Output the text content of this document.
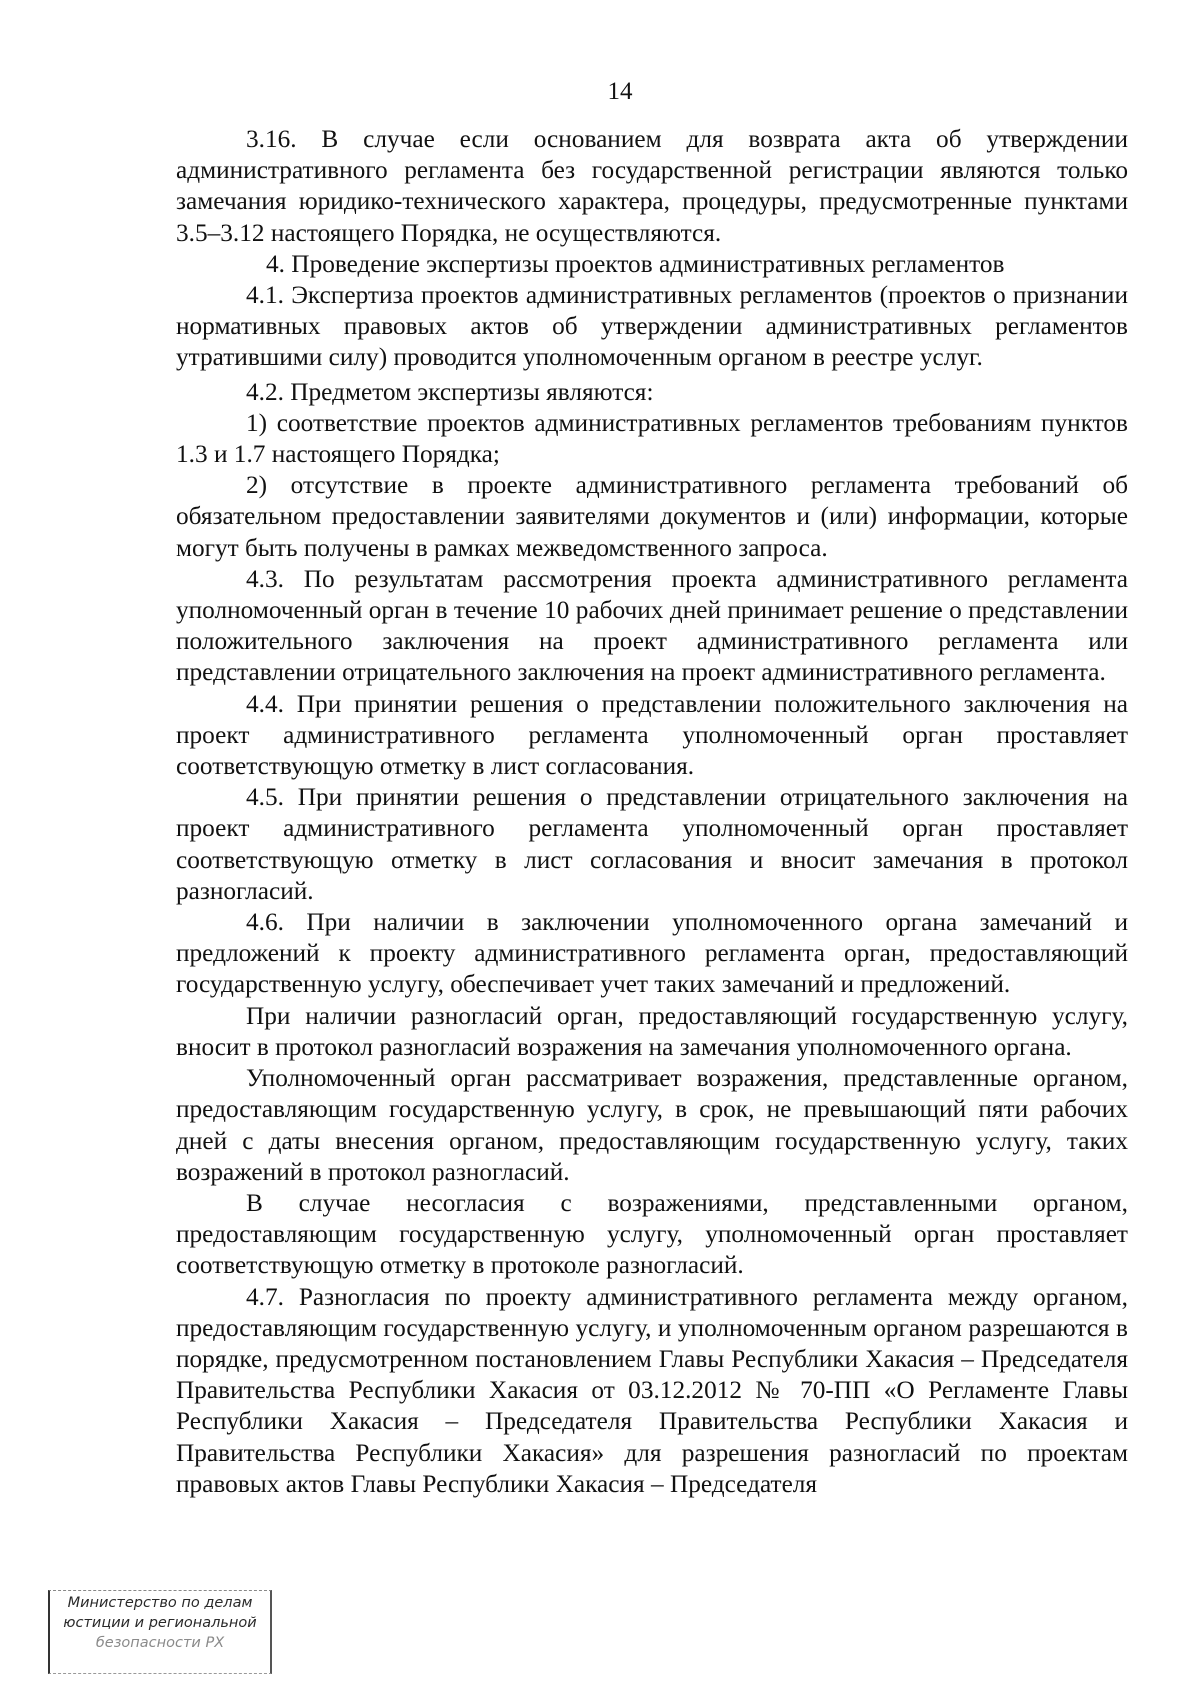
14

3.16. В случае если основанием для возврата акта об утверждении административного регламента без государственной регистрации являются только замечания юридико-технического характера, процедуры, предусмотренные пунктами 3.5–3.12 настоящего Порядка, не осуществляются.

4. Проведение экспертизы проектов административных регламентов

4.1. Экспертиза проектов административных регламентов (проектов о признании нормативных правовых актов об утверждении административных регламентов утратившими силу) проводится уполномоченным органом в реестре услуг.

4.2. Предметом экспертизы являются:

1) соответствие проектов административных регламентов требованиям пунктов 1.3 и 1.7 настоящего Порядка;

2) отсутствие в проекте административного регламента требований об обязательном предоставлении заявителями документов и (или) информации, которые могут быть получены в рамках межведомственного запроса.

4.3. По результатам рассмотрения проекта административного регламента уполномоченный орган в течение 10 рабочих дней принимает решение о представлении положительного заключения на проект административного регламента или представлении отрицательного заключения на проект административного регламента.

4.4. При принятии решения о представлении положительного заключения на проект административного регламента уполномоченный орган проставляет соответствующую отметку в лист согласования.

4.5. При принятии решения о представлении отрицательного заключения на проект административного регламента уполномоченный орган проставляет соответствующую отметку в лист согласования и вносит замечания в протокол разногласий.

4.6. При наличии в заключении уполномоченного органа замечаний и предложений к проекту административного регламента орган, предоставляющий государственную услугу, обеспечивает учет таких замечаний и предложений.

При наличии разногласий орган, предоставляющий государственную услугу, вносит в протокол разногласий возражения на замечания уполномоченного органа.

Уполномоченный орган рассматривает возражения, представленные органом, предоставляющим государственную услугу, в срок, не превышающий пяти рабочих дней с даты внесения органом, предоставляющим государственную услугу, таких возражений в протокол разногласий.

В случае несогласия с возражениями, представленными органом, предоставляющим государственную услугу, уполномоченный орган проставляет соответствующую отметку в протоколе разногласий.

4.7. Разногласия по проекту административного регламента между органом, предоставляющим государственную услугу, и уполномоченным органом разрешаются в порядке, предусмотренном постановлением Главы Республики Хакасия – Председателя Правительства Республики Хакасия от 03.12.2012 № 70-ПП «О Регламенте Главы Республики Хакасия – Председателя Правительства Республики Хакасия и Правительства Республики Хакасия» для разрешения разногласий по проектам правовых актов Главы Республики Хакасия – Председателя

Министерство по делам
юстиции и региональной
безопасности РХ
